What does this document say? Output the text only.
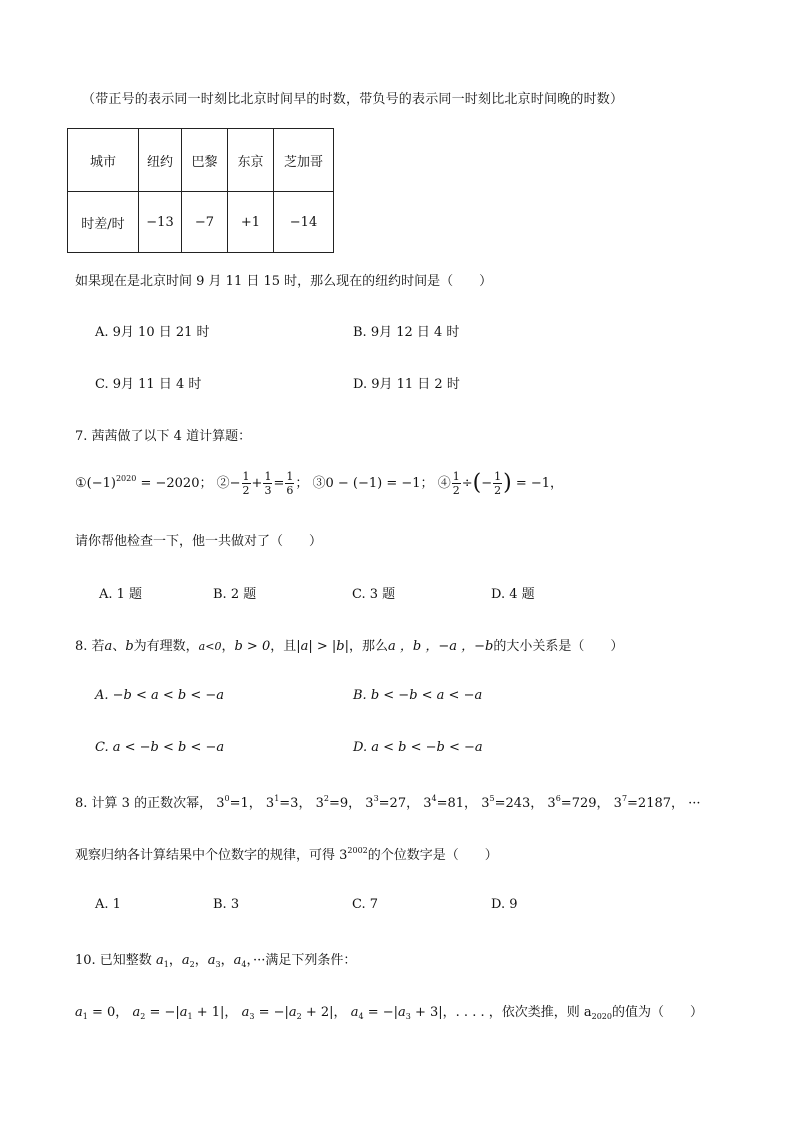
（带正号的表示同一时刻比北京时间早的时数，带负号的表示同一时刻比北京时间晚的时数）
城市	纽约	巴黎	东京	芝加哥
时差/时	−13	−7	+1	−14
如果现在是北京时间 9 月 11 日 15 时，那么现在的纽约时间是（　　）
A. 9月 10 日 21 时	B. 9月 12 日 4 时
C. 9月 11 日 4 时	D. 9月 11 日 2 时
7. 茜茜做了以下 4 道计算题：
$①(-1)^{2020} = -2020$； ②− $\frac{1}{2} + \frac{1}{3} = \frac{1}{6}$ ； ③0 − (−1) = −1； ④ $\frac{1}{2}$ ÷(− $\frac{1}{2}$ ) = −1，
请你帮他检查一下，他一共做对了（　　）
A. 1 题	B. 2 题	C. 3 题	D. 4 题
8. 若a、b为有理数，a<0，b > 0，且|a| > |b|，那么a ，b ，−a ，−b的大小关系是（　　）
A. −b < a < b < −a	B. b < −b < a < −a
C. a < −b < b < −a	D. a < b < −b < −a
8. 计算 3 的正数次幂， $3^0=1$， $3^1=3$， $3^2=9$， $3^3=27$， $3^4=81$， $3^5=243$， $3^6=729$， $3^7=2187$， ···
观察归纳各计算结果中个位数字的规律，可得 $3^{2002}$的个位数字是（　　）
A. 1	B. 3	C. 7	D. 9
10. 已知整数 $a_1$，$a_2$，$a_3$，$a_4$，···满足下列条件：
$a_1 = 0$， $a_2 = -|a_1 + 1|$， $a_3 = -|a_2 + 2|$， $a_4 = -|a_3 + 3|$，. . . . ，依次类推，则 $a_{2020}$的值为（　　）
